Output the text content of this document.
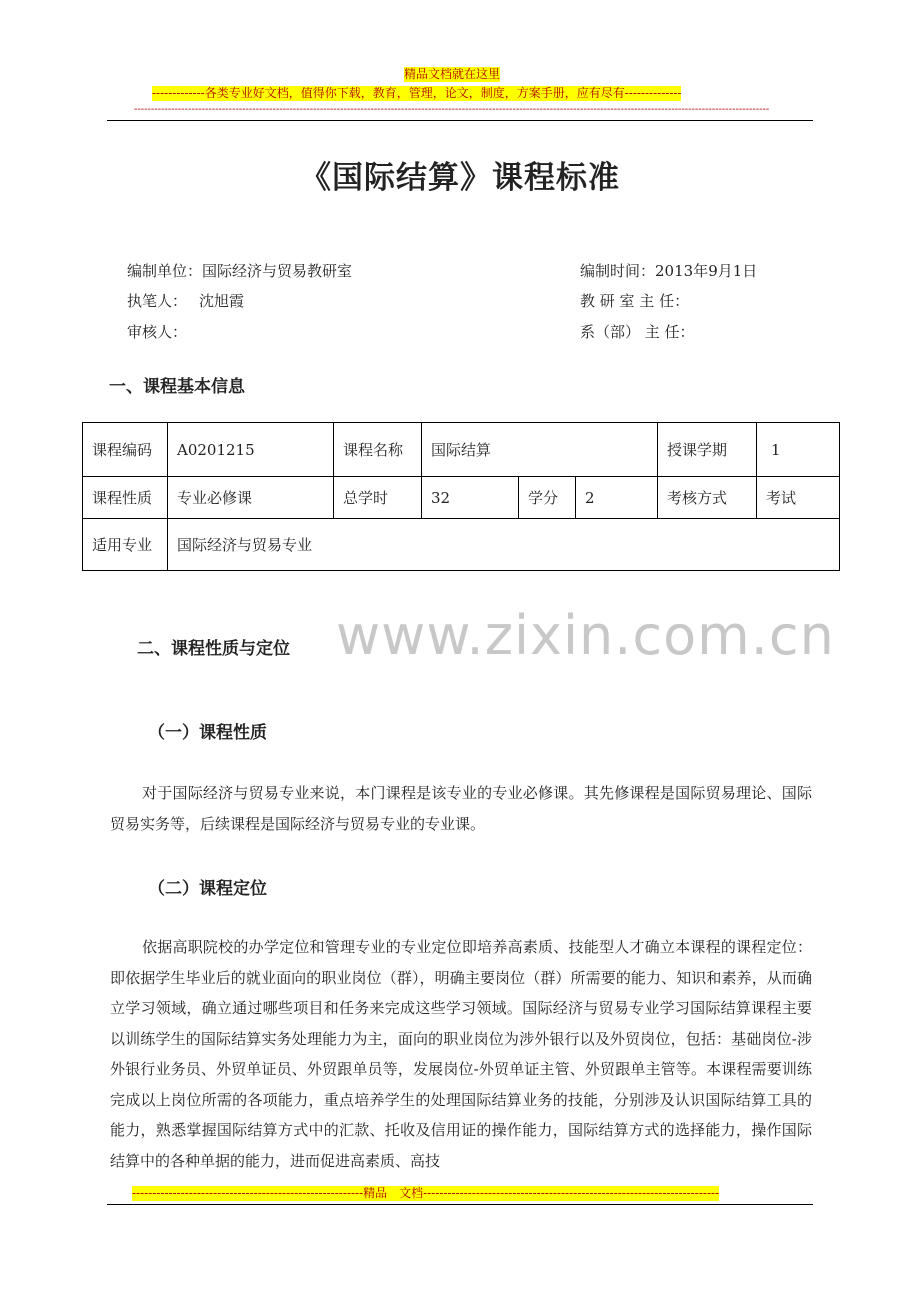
精品文档就在这里
-------------各类专业好文档，值得你下载，教育，管理，论文，制度，方案手册，应有尽有--------------
--------------------------------------------------------------------------------------------------------------------------------------------------------------------------------------------
《国际结算》课程标准
编制单位：国际经济与贸易教研室	编制时间：2013年9月1日
执笔人： 沈旭霞	教 研 室 主 任：
审核人：	系（部） 主 任：
一、课程基本信息
课程编码	A0201215	课程名称	国际结算			授课学期	1
课程性质	专业必修课	总学时	32	学分	2	考核方式	考试
适用专业	国际经济与贸易专业						
www.zixin.com.cn
二、课程性质与定位
（一）课程性质
对于国际经济与贸易专业来说，本门课程是该专业的专业必修课。其先修课程是国际贸易理论、国际贸易实务等，后续课程是国际经济与贸易专业的专业课。
（二）课程定位
依据高职院校的办学定位和管理专业的专业定位即培养高素质、技能型人才确立本课程的课程定位：即依据学生毕业后的就业面向的职业岗位（群），明确主要岗位（群）所需要的能力、知识和素养，从而确立学习领域，确立通过哪些项目和任务来完成这些学习领域。国际经济与贸易专业学习国际结算课程主要以训练学生的国际结算实务处理能力为主，面向的职业岗位为涉外银行以及外贸岗位，包括：基础岗位-涉外银行业务员、外贸单证员、外贸跟单员等，发展岗位-外贸单证主管、外贸跟单主管等。本课程需要训练完成以上岗位所需的各项能力，重点培养学生的处理国际结算业务的技能，分别涉及认识国际结算工具的能力，熟悉掌握国际结算方式中的汇款、托收及信用证的操作能力，国际结算方式的选择能力，操作国际结算中的各种单据的能力，进而促进高素质、高技
---------------------------------------------------------精品　文档-------------------------------------------------------------------------
